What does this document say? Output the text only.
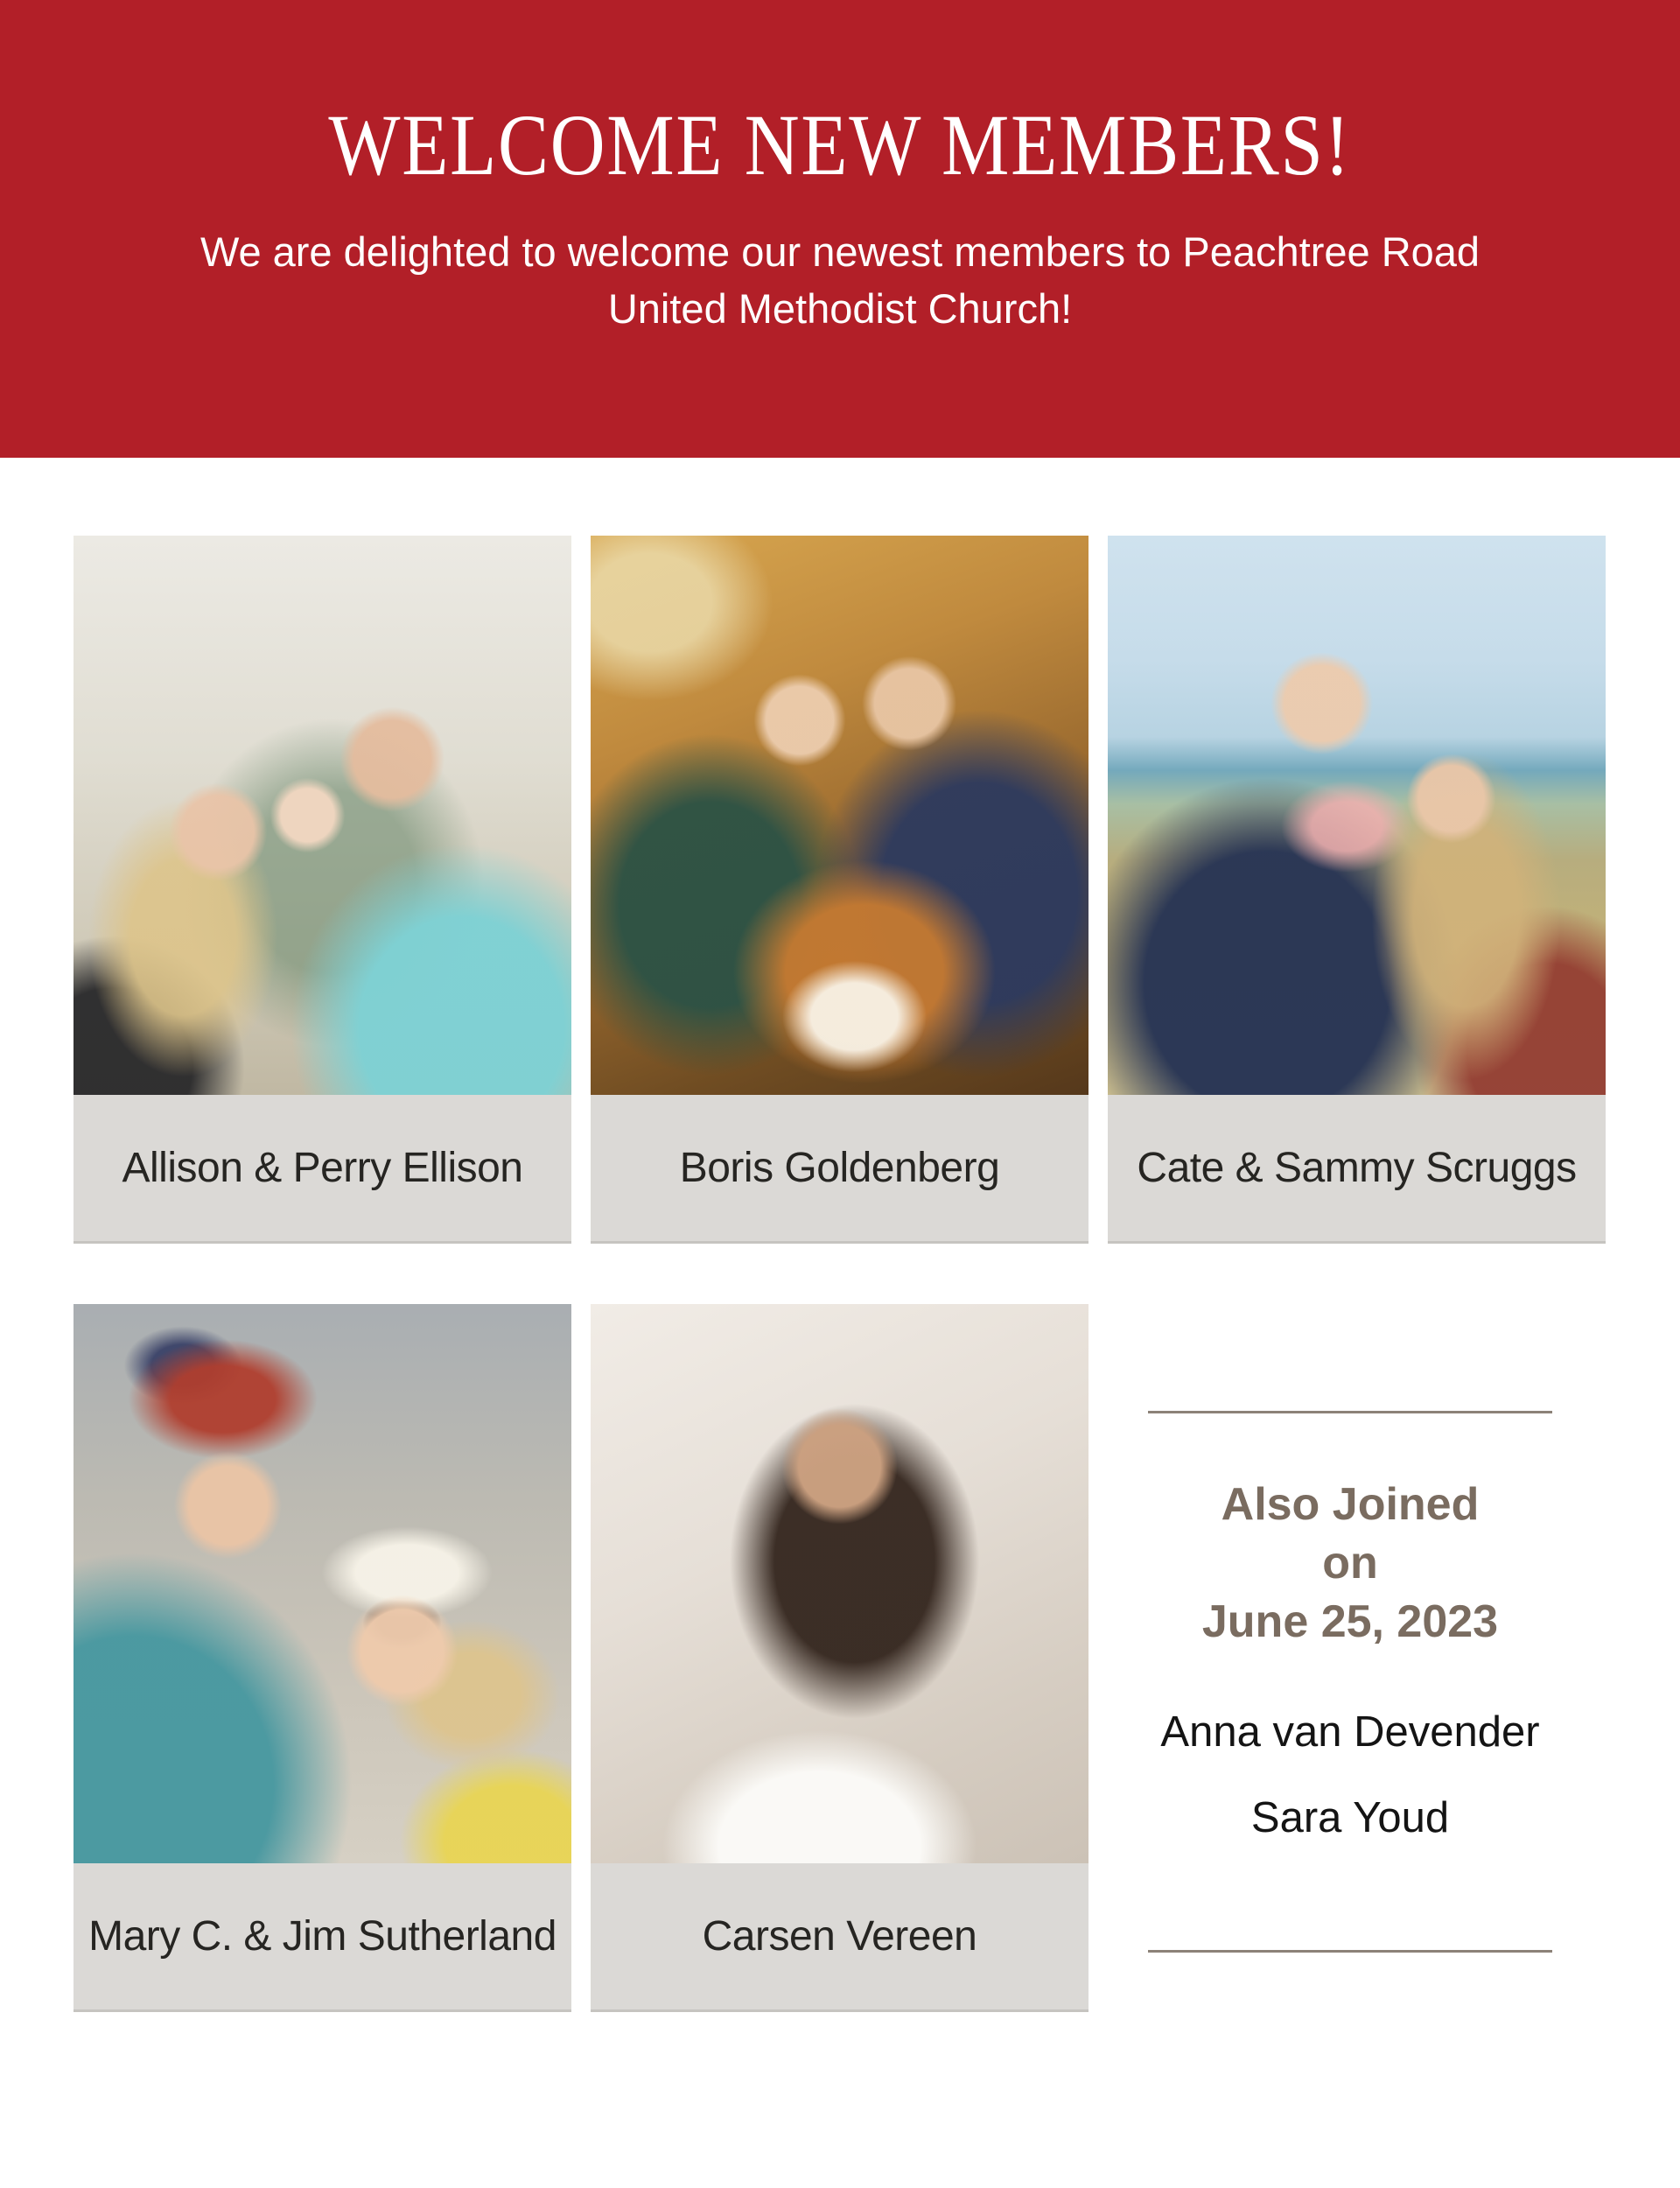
WELCOME NEW MEMBERS!

We are delighted to welcome our newest members to Peachtree Road
United Methodist Church!

Allison & Perry Ellison	Boris Goldenberg	Cate & Sammy Scruggs
Mary C. & Jim Sutherland	Carsen Vereen
Also Joined
on
June 25, 2023

Anna van Devender

Sara Youd
